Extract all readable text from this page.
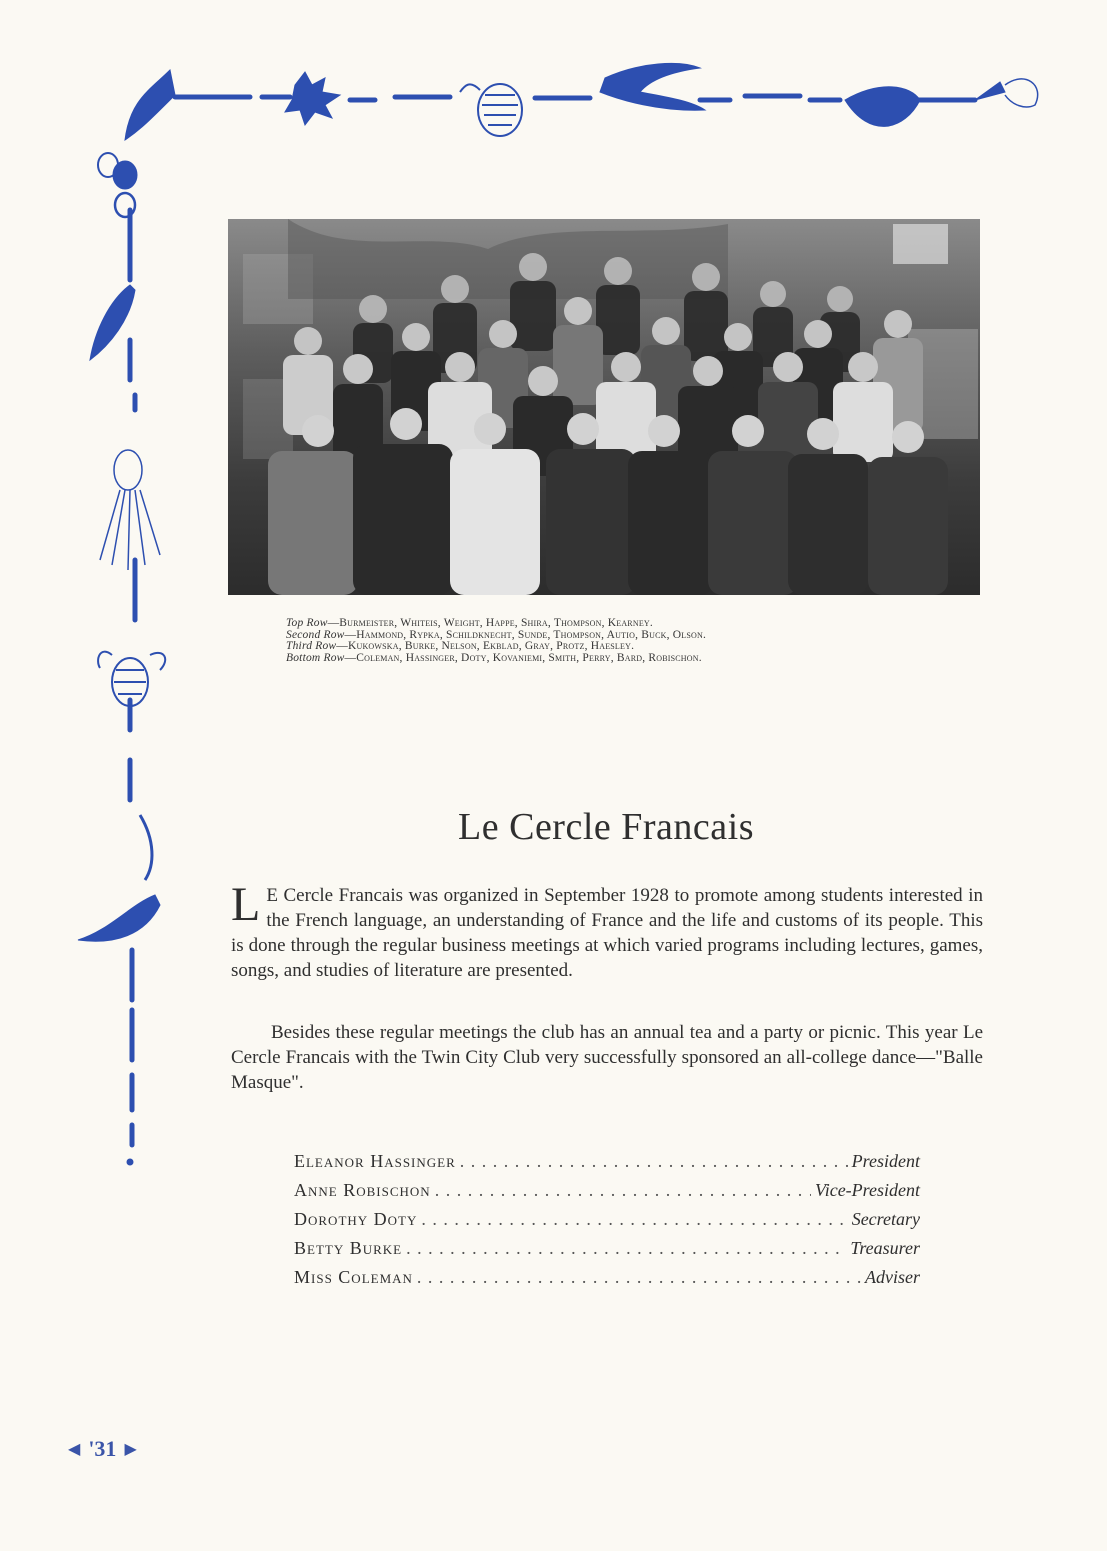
Top Row—Burmeister, Whiteis, Weight, Happe, Shira, Thompson, Kearney.
Second Row—Hammond, Rypka, Schildknecht, Sunde, Thompson, Autio, Buck, Olson.
Third Row—Kukowska, Burke, Nelson, Ekblad, Gray, Protz, Haesley.
Bottom Row—Coleman, Hassinger, Doty, Kovaniemi, Smith, Perry, Bard, Robischon.
Le Cercle Francais
L E Cercle Francais was organized in September 1928 to promote among students interested in the French language, an understanding of France and the life and customs of its people. This is done through the regular business meetings at which varied programs including lectures, games, songs, and studies of literature are presented.
Besides these regular meetings the club has an annual tea and a party or picnic. This year Le Cercle Francais with the Twin City Club very successfully sponsored an all-college dance—"Balle Masque".
Eleanor Hassinger . . .	President
Anne Robischon . . .	Vice-President
Dorothy Doty . . .	Secretary
Betty Burke . . .	Treasurer
Miss Coleman . . .	Adviser
◀ '31 ▶
